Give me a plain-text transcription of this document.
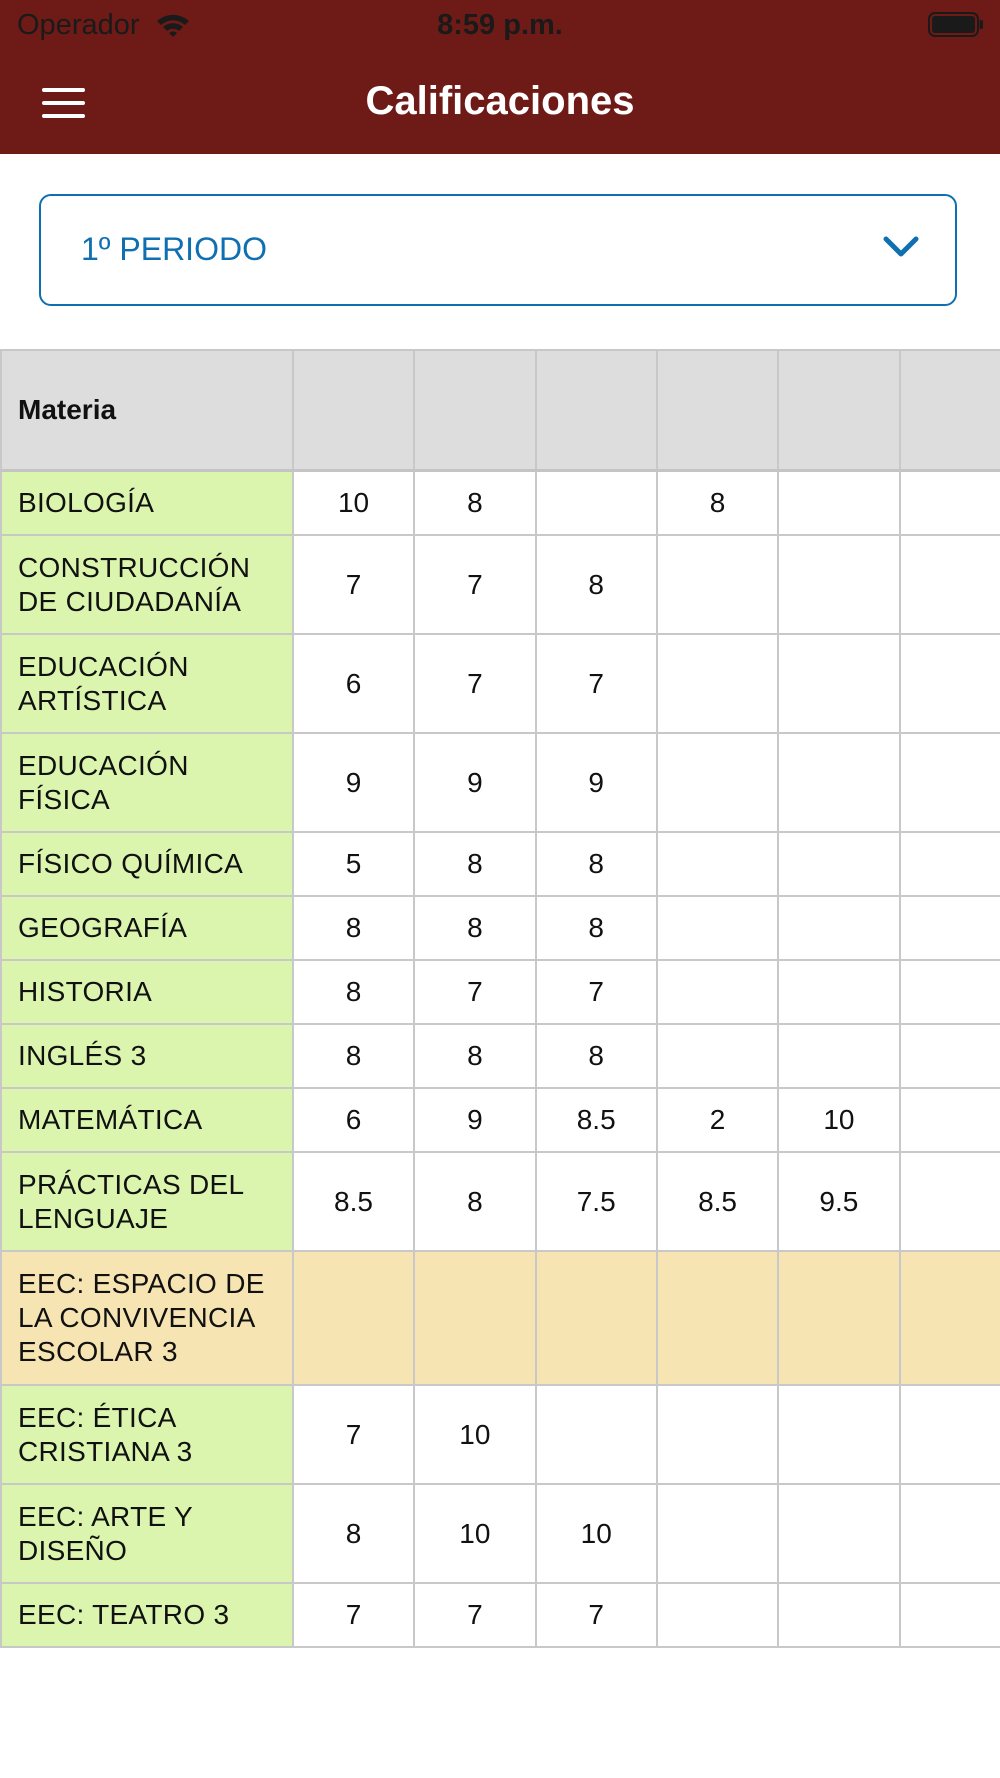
Operador	8:59 p.m.
Calificaciones
1º PERIODO
Materia						
BIOLOGÍA	10	8		8		
CONSTRUCCIÓN DE CIUDADANÍA	7	7	8			
EDUCACIÓN ARTÍSTICA	6	7	7			
EDUCACIÓN FÍSICA	9	9	9			
FÍSICO QUÍMICA	5	8	8			
GEOGRAFÍA	8	8	8			
HISTORIA	8	7	7			
INGLÉS 3	8	8	8			
MATEMÁTICA	6	9	8.5	2	10	
PRÁCTICAS DEL LENGUAJE	8.5	8	7.5	8.5	9.5	
EEC: ESPACIO DE LA CONVIVENCIA ESCOLAR 3						
EEC: ÉTICA CRISTIANA 3	7	10				
EEC: ARTE Y DISEÑO	8	10	10			
EEC: TEATRO 3	7	7	7			
